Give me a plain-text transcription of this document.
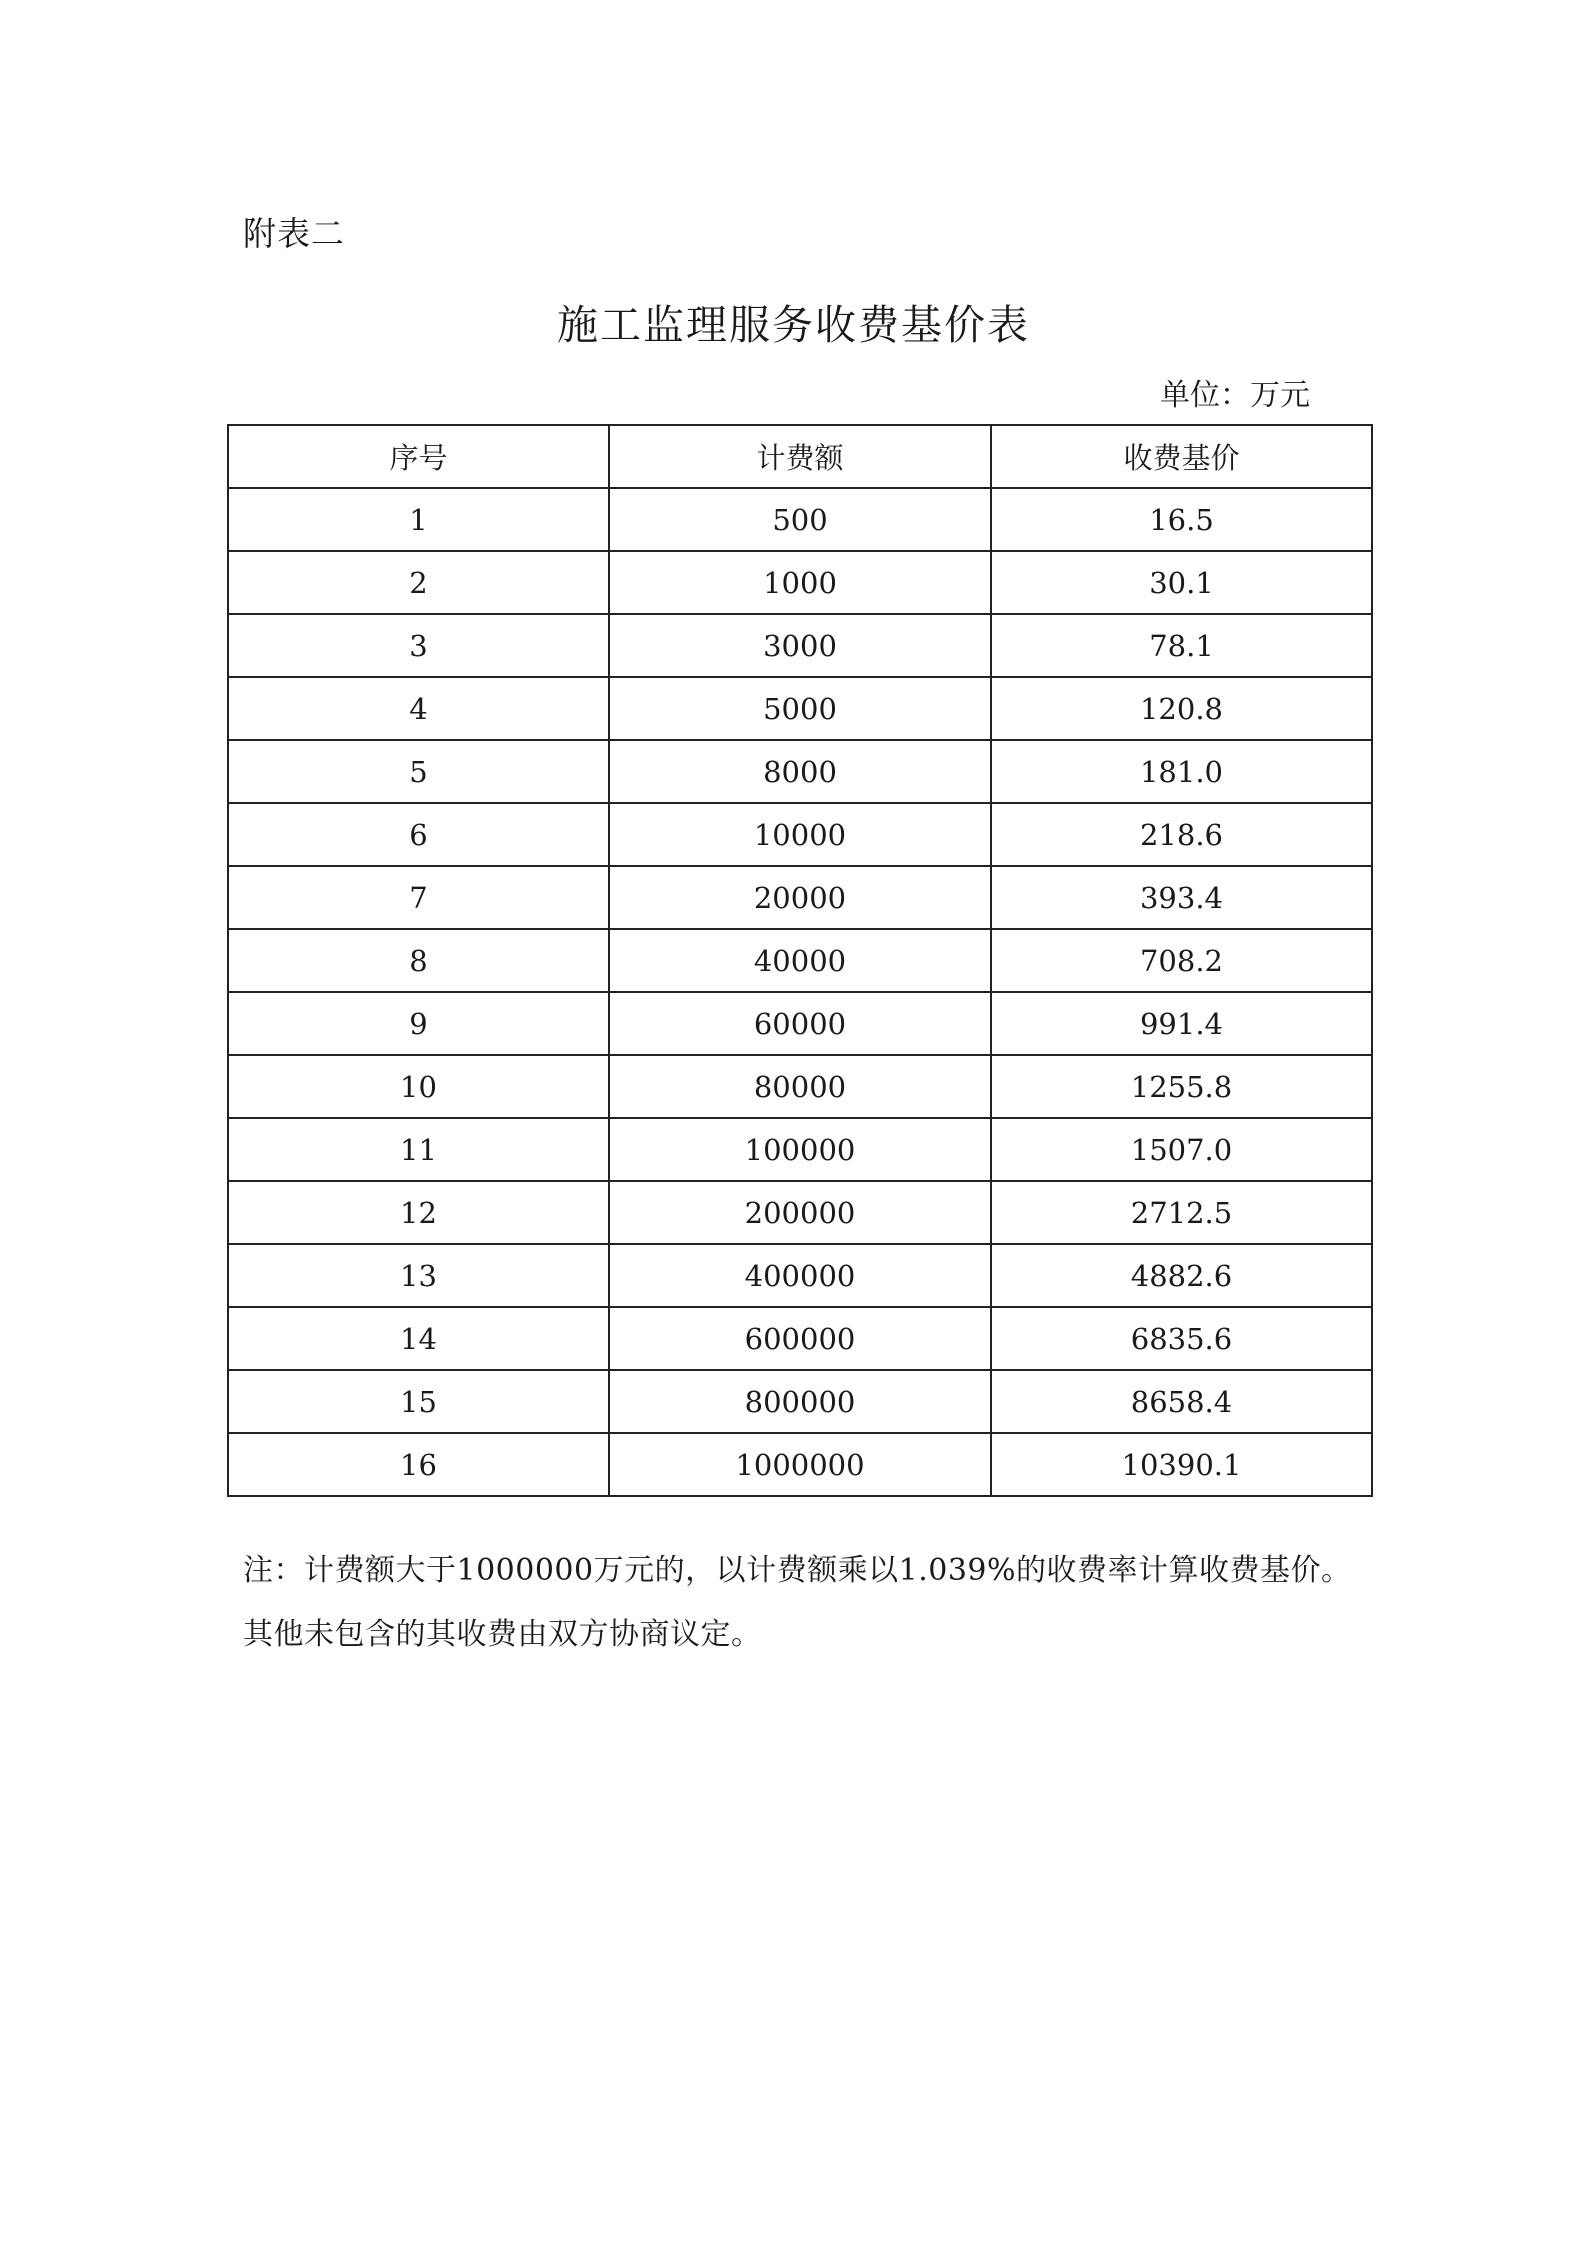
附表二
施工监理服务收费基价表
单位：万元
序号	计费额	收费基价
1	500	16.5
2	1000	30.1
3	3000	78.1
4	5000	120.8
5	8000	181.0
6	10000	218.6
7	20000	393.4
8	40000	708.2
9	60000	991.4
10	80000	1255.8
11	100000	1507.0
12	200000	2712.5
13	400000	4882.6
14	600000	6835.6
15	800000	8658.4
16	1000000	10390.1
注：计费额大于1000000万元的，以计费额乘以1.039%的收费率计算收费基价。
其他未包含的其收费由双方协商议定。
